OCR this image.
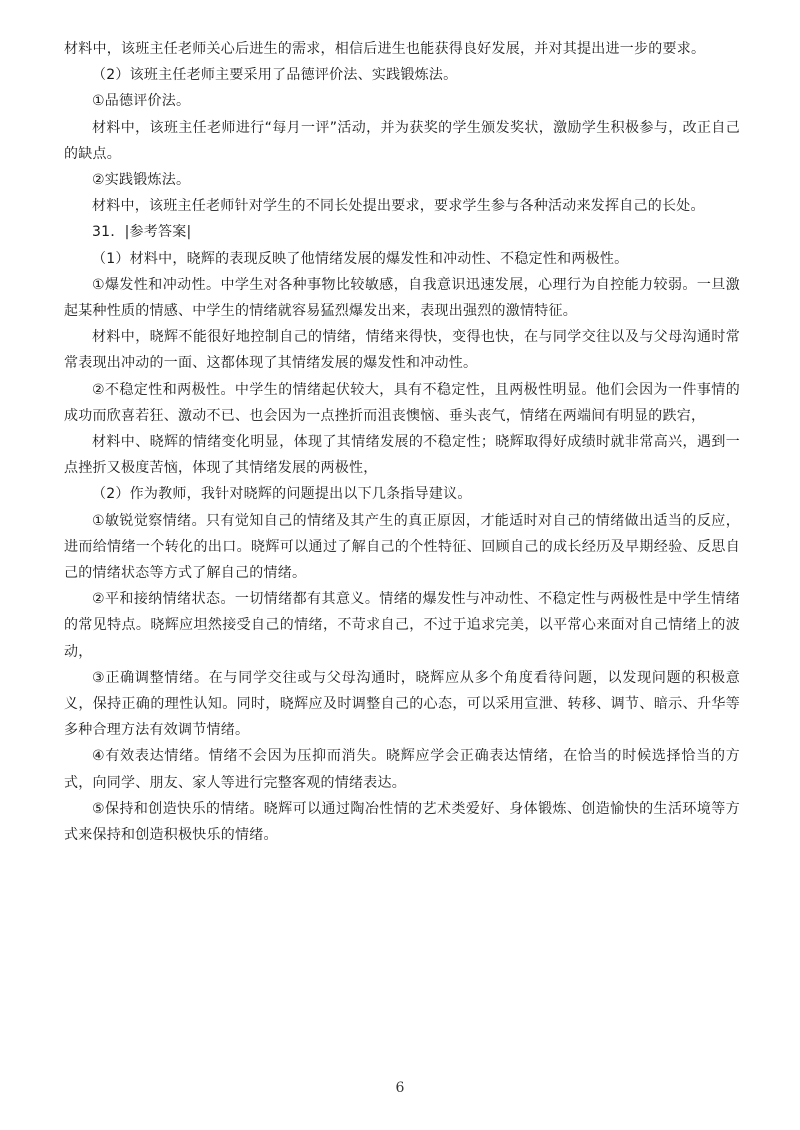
材料中，该班主任老师关心后进生的需求，相信后进生也能获得良好发展，并对其提出进一步的要求。

（2）该班主任老师主要采用了品德评价法、实践锻炼法。

①品德评价法。

材料中，该班主任老师进行“每月一评”活动，并为获奖的学生颁发奖状，激励学生积极参与，改正自己的缺点。

②实践锻炼法。

材料中，该班主任老师针对学生的不同长处提出要求，要求学生参与各种活动来发挥自己的长处。

31．|参考答案|

（1）材料中，晓辉的表现反映了他情绪发展的爆发性和冲动性、不稳定性和两极性。

①爆发性和冲动性。中学生对各种事物比较敏感，自我意识迅速发展，心理行为自控能力较弱。一旦激起某种性质的情感、中学生的情绪就容易猛烈爆发出来，表现出强烈的激情特征。

材料中，晓辉不能很好地控制自己的情绪，情绪来得快，变得也快，在与同学交往以及与父母沟通时常常表现出冲动的一面、这都体现了其情绪发展的爆发性和冲动性。

②不稳定性和两极性。中学生的情绪起伏较大，具有不稳定性，且两极性明显。他们会因为一件事情的成功而欣喜若狂、激动不已、也会因为一点挫折而沮丧懊恼、垂头丧气，情绪在两端间有明显的跌宕，

材料中、晓辉的情绪变化明显，体现了其情绪发展的不稳定性；晓辉取得好成绩时就非常高兴，遇到一点挫折又极度苦恼，体现了其情绪发展的两极性，

（2）作为教师，我针对晓辉的问题提出以下几条指导建议。

①敏锐觉察情绪。只有觉知自己的情绪及其产生的真正原因，才能适时对自己的情绪做出适当的反应，进而给情绪一个转化的出口。晓辉可以通过了解自己的个性特征、回顾自己的成长经历及早期经验、反思自己的情绪状态等方式了解自己的情绪。

②平和接纳情绪状态。一切情绪都有其意义。情绪的爆发性与冲动性、不稳定性与两极性是中学生情绪的常见特点。晓辉应坦然接受自己的情绪，不苛求自己，不过于追求完美，以平常心来面对自己情绪上的波动，

③正确调整情绪。在与同学交往或与父母沟通时，晓辉应从多个角度看待问题，以发现问题的积极意义，保持正确的理性认知。同时，晓辉应及时调整自己的心态，可以采用宣泄、转移、调节、暗示、升华等多种合理方法有效调节情绪。

④有效表达情绪。情绪不会因为压抑而消失。晓辉应学会正确表达情绪，在恰当的时候选择恰当的方式，向同学、朋友、家人等进行完整客观的情绪表达。

⑤保持和创造快乐的情绪。晓辉可以通过陶冶性情的艺术类爱好、身体锻炼、创造愉快的生活环境等方式来保持和创造积极快乐的情绪。

6
